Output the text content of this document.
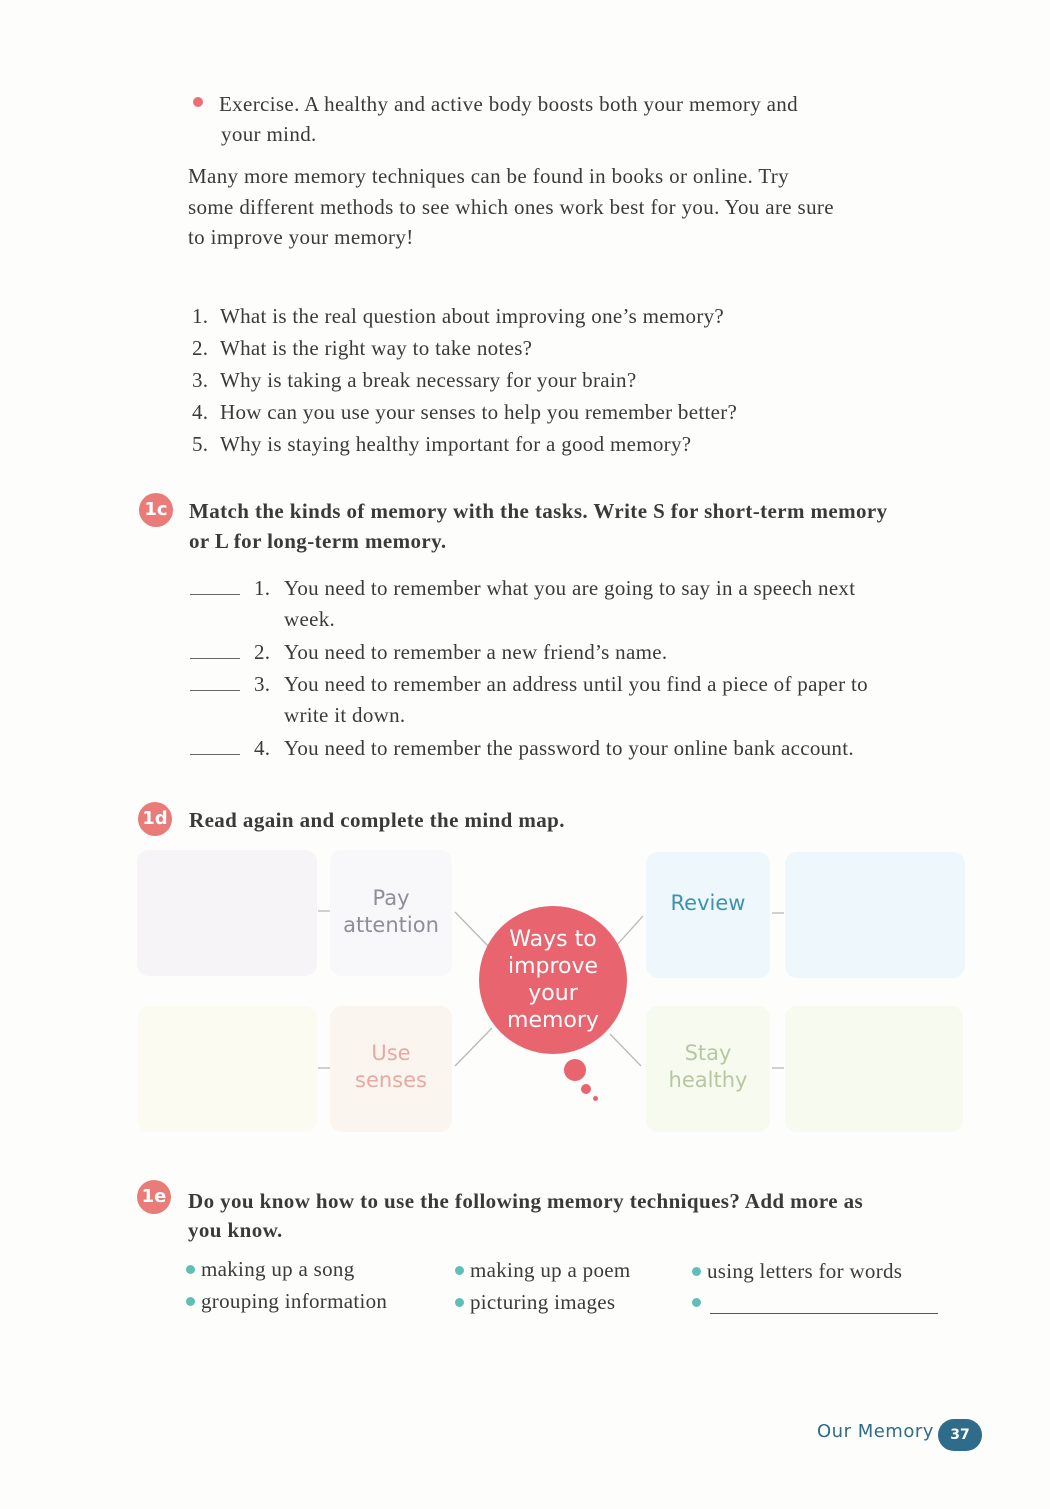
Exercise. A healthy and active body boosts both your memory and
your mind.
Many more memory techniques can be found in books or online. Try
some different methods to see which ones work best for you. You are sure
to improve your memory!
1. What is the real question about improving one’s memory?
2. What is the right way to take notes?
3. Why is taking a break necessary for your brain?
4. How can you use your senses to help you remember better?
5. Why is staying healthy important for a good memory?
1c Match the kinds of memory with the tasks. Write S for short-term memory
or L for long-term memory.
1. You need to remember what you are going to say in a speech next
week.
2. You need to remember a new friend’s name.
3. You need to remember an address until you find a piece of paper to
write it down.
4. You need to remember the password to your online bank account.
1d Read again and complete the mind map.
Pay attention
Review
Use senses
Stay healthy
Ways to improve your memory
1e Do you know how to use the following memory techniques? Add more as
you know.
making up a song	making up a poem	using letters for words
grouping information	picturing images
Our Memory	37
